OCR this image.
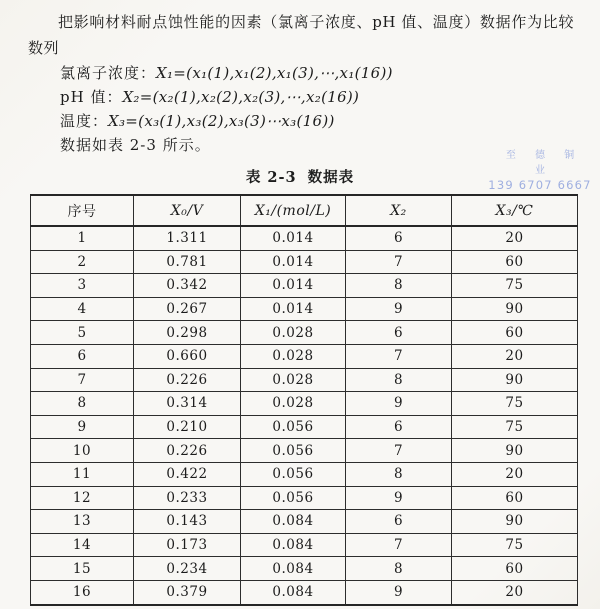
把影响材料耐点蚀性能的因素（氯离子浓度、pH 值、温度）数据作为比较数列

氯离子浓度：X₁=(x₁(1),x₁(2),x₁(3),⋯,x₁(16))
pH 值：X₂=(x₂(1),x₂(2),x₂(3),⋯,x₂(16))
温度：X₃=(x₃(1),x₃(2),x₃(3)⋯x₃(16))
数据如表 2-3 所示。
至 德 铜 业
139 6707 6667
表 2-3 数据表
序号	X₀/V	X₁/(mol/L)	X₂	X₃/℃
1	1.311	0.014	6	20
2	0.781	0.014	7	60
3	0.342	0.014	8	75
4	0.267	0.014	9	90
5	0.298	0.028	6	60
6	0.660	0.028	7	20
7	0.226	0.028	8	90
8	0.314	0.028	9	75
9	0.210	0.056	6	75
10	0.226	0.056	7	90
11	0.422	0.056	8	20
12	0.233	0.056	9	60
13	0.143	0.084	6	90
14	0.173	0.084	7	75
15	0.234	0.084	8	60
16	0.379	0.084	9	20
